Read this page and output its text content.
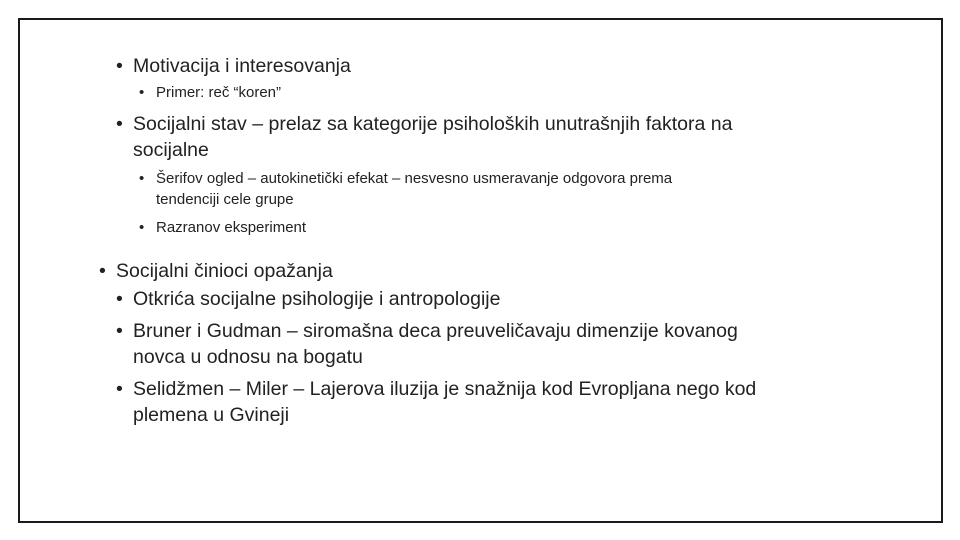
•
•
•
•
•
•
•
•
•
Motivacija i interesovanja
Primer: reč “koren”
Socijalni stav – prelaz sa kategorije psiholoških unutrašnjih faktora na
socijalne
Šerifov ogled – autokinetički efekat – nesvesno usmeravanje odgovora prema
tendenciji cele grupe
Razranov eksperiment
Socijalni činioci opažanja
Otkrića socijalne psihologije i antropologije
Bruner i Gudman – siromašna deca preuveličavaju dimenzije kovanog
novca u odnosu na bogatu
Selidžmen – Miler – Lajerova iluzija je snažnija kod Evropljana nego kod
plemena u Gvineji
